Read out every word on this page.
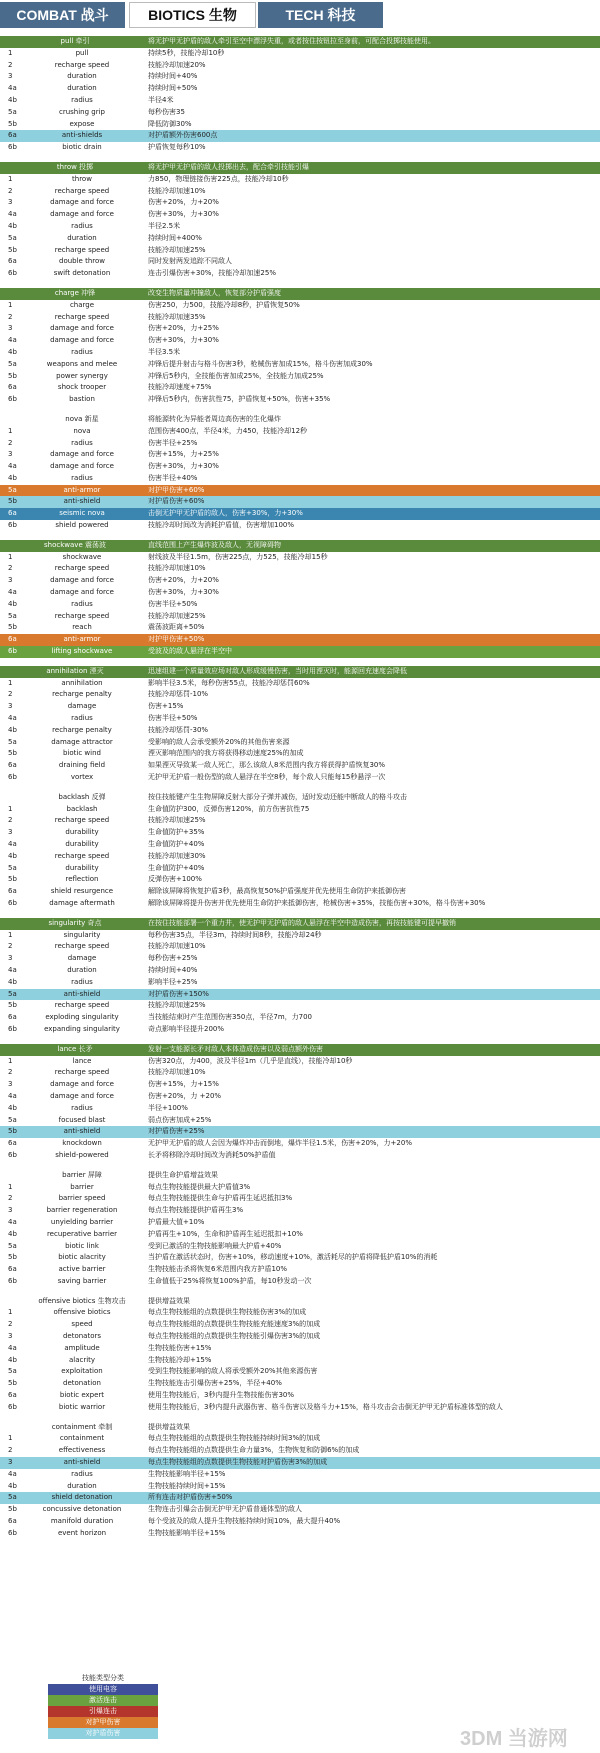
COMBAT 战斗	BIOTICS 生物	TECH 科技
pull 牵引	将无护甲无护盾的敌人牵引至空中漂浮失重，或者按住按钮拉至身前，可配合投掷技能使用。
1	pull	持续5秒，技能冷却10秒
2	recharge speed	技能冷却加速20%
3	duration	持续时间+40%
4a	duration	持续时间+50%
4b	radius	半径4米
5a	crushing grip	每秒伤害35
5b	expose	降低防御30%
6a	anti-shields	对护盾额外伤害600点
6b	biotic drain	护盾恢复每秒10%
throw 投掷	将无护甲无护盾的敌人投掷出去，配合牵引技能引爆
1	throw	力850，物理链接伤害225点，技能冷却10秒
2	recharge speed	技能冷却加速10%
3	damage and force	伤害+20%，力+20%
4a	damage and force	伤害+30%，力+30%
4b	radius	半径2.5米
5a	duration	持续时间+400%
5b	recharge speed	技能冷却加速25%
6a	double throw	同时发射两发追踪不同敌人
6b	swift detonation	连击引爆伤害+30%，技能冷却加速25%
charge 冲锋	改变生物质量冲撞敌人，恢复部分护盾强度
1	charge	伤害250，力500，技能冷却8秒，护盾恢复50%
2	recharge speed	技能冷却加速35%
3	damage and force	伤害+20%，力+25%
4a	damage and force	伤害+30%，力+30%
4b	radius	半径3.5米
5a	weapons and melee	冲锋后提升射击与格斗伤害3秒，枪械伤害加成15%，格斗伤害加成30%
5b	power synergy	冲锋后5秒内，全技能伤害加成25%，全技能力加成25%
6a	shock trooper	技能冷却速度+75%
6b	bastion	冲锋后5秒内，伤害抗性75，护盾恢复+50%，伤害+35%
nova 新星	将能源转化为异能者周边高伤害的生化爆炸
1	nova	范围伤害400点，半径4米，力450，技能冷却12秒
2	radius	伤害半径+25%
3	damage and force	伤害+15%，力+25%
4a	damage and force	伤害+30%，力+30%
4b	radius	伤害半径+40%
5a	anti-armor	对护甲伤害+60%
5b	anti-shield	对护盾伤害+60%
6a	seismic nova	击倒无护甲无护盾的敌人，伤害+30%，力+30%
6b	shield powered	技能冷却时间改为消耗护盾值，伤害增加100%
shockwave 震荡波	直线范围上产生爆炸波及敌人，无视障碍物
1	shockwave	射线波及半径1.5m，伤害225点，力525，技能冷却15秒
2	recharge speed	技能冷却加速10%
3	damage and force	伤害+20%，力+20%
4a	damage and force	伤害+30%，力+30%
4b	radius	伤害半径+50%
5a	recharge speed	技能冷却加速25%
5b	reach	震荡波距离+50%
6a	anti-armor	对护甲伤害+50%
6b	lifting shockwave	受波及的敌人悬浮在半空中
annihilation 湮灭	迅速组建一个质量效应场对敌人形成缓慢伤害，当时用湮灭时，能源回充速度会降低
1	annihilation	影响半径3.5米，每秒伤害55点，技能冷却惩罚60%
2	recharge penalty	技能冷却惩罚-10%
3	damage	伤害+15%
4a	radius	伤害半径+50%
4b	recharge penalty	技能冷却惩罚-30%
5a	damage attractor	受影响的敌人会承受额外20%的其他伤害来源
5b	biotic wind	湮灭影响范围内的我方将获得移动速度25%的加成
6a	draining field	如果湮灭导致某一敌人死亡，那么该敌人8米范围内我方将获得护盾恢复30%
6b	vortex	无护甲无护盾一般伤型的敌人悬浮在半空8秒，每个敌人只能每15秒悬浮一次
backlash 反弹	按住技能键产生生物屏障反射大部分子弹并减伤，适时发动还能中断敌人的格斗攻击
1	backlash	生命值防护300，反弹伤害120%，前方伤害抗性75
2	recharge speed	技能冷却加速25%
3	durability	生命值防护+35%
4a	durability	生命值防护+40%
4b	recharge speed	技能冷却加速30%
5a	durability	生命值防护+40%
5b	reflection	反弹伤害+100%
6a	shield resurgence	解除该屏障将恢复护盾3秒，最高恢复50%护盾强度并优先使用生命防护来抵御伤害
6b	damage aftermath	解除该屏障将提升伤害并优先使用生命防护来抵御伤害，枪械伤害+35%，技能伤害+30%，格斗伤害+30%
singularity 奇点	在按住技能部署一个重力井，使无护甲无护盾的敌人悬浮在半空中造成伤害，再按技能键可提早撤销
1	singularity	每秒伤害35点，半径3m，持续时间8秒，技能冷却24秒
2	recharge speed	技能冷却加速10%
3	damage	每秒伤害+25%
4a	duration	持续时间+40%
4b	radius	影响半径+25%
5a	anti-shield	对护盾伤害+150%
5b	recharge speed	技能冷却加速25%
6a	exploding singularity	当技能结束时产生范围伤害350点，半径7m，力700
6b	expanding singularity	奇点影响半径提升200%
lance 长矛	发射一支能源长矛对敌人本体造成伤害以及弱点额外伤害
1	lance	伤害320点，力400，波及半径1m（几乎是直线），技能冷却10秒
2	recharge speed	技能冷却加速10%
3	damage and force	伤害+15%，力+15%
4a	damage and force	伤害+20%，力 +20%
4b	radius	半径+100%
5a	focused blast	弱点伤害加成+25%
5b	anti-shield	对护盾伤害+25%
6a	knockdown	无护甲无护盾的敌人会因为爆炸冲击而倒地，爆炸半径1.5米，伤害+20%，力+20%
6b	shield-powered	长矛将移除冷却时间改为消耗50%护盾值
barrier 屏障	提供生命护盾增益效果
1	barrier	每点生物技能提供最大护盾值3%
2	barrier speed	每点生物技能提供生命与护盾再生延迟抵扣3%
3	barrier regeneration	每点生物技能提供护盾再生3%
4a	unyielding barrier	护盾最大值+10%
4b	recuperative barrier	护盾再生+10%，生命和护盾再生延迟抵扣+10%
5a	biotic link	受到已激活的生物技能影响最大护盾+40%
5b	biotic alacrity	当护盾在激活状态时，伤害+10%，移动速度+10%，激活耗尽的护盾将降低护盾10%的消耗
6a	active barrier	生物技能击杀将恢复6米范围内我方护盾10%
6b	saving barrier	生命值低于25%将恢复100%护盾，每10秒发动一次
offensive biotics 生物攻击	提供增益效果
1	offensive biotics	每点生物技能组的点数提供生物技能伤害3%的加成
2	speed	每点生物技能组的点数提供生物技能充能速度3%的加成
3	detonators	每点生物技能组的点数提供生物技能引爆伤害3%的加成
4a	amplitude	生物技能伤害+15%
4b	alacrity	生物技能冷却+15%
5a	exploitation	受到生物技能影响的敌人将承受额外20%其他来源伤害
5b	detonation	生物技能连击引爆伤害+25%，半径+40%
6a	biotic expert	使用生物技能后，3秒内提升生物技能伤害30%
6b	biotic warrior	使用生物技能后，3秒内提升武器伤害、格斗伤害以及格斗力+15%，格斗攻击会击倒无护甲无护盾标准体型的敌人
containment 牵制	提供增益效果
1	containment	每点生物技能组的点数提供生物技能持续时间3%的加成
2	effectiveness	每点生物技能组的点数提供生命力量3%，生物恢复和防御6%的加成
3	anti-shield	每点生物技能组的点数提供生物技能对护盾伤害3%的加成
4a	radius	生物技能影响半径+15%
4b	duration	生物技能持续时间+15%
5a	shield detonation	所有连击对护盾伤害+50%
5b	concussive detonation	生物连击引爆会击倒无护甲无护盾普通体型的敌人
6a	manifold duration	每个受波及的敌人提升生物技能持续时间10%，最大提升40%
6b	event horizon	生物技能影响半径+15%
技能类型分类
使用电容
激活连击
引爆连击
对护甲伤害
对护盾伤害	3DM 当游网
